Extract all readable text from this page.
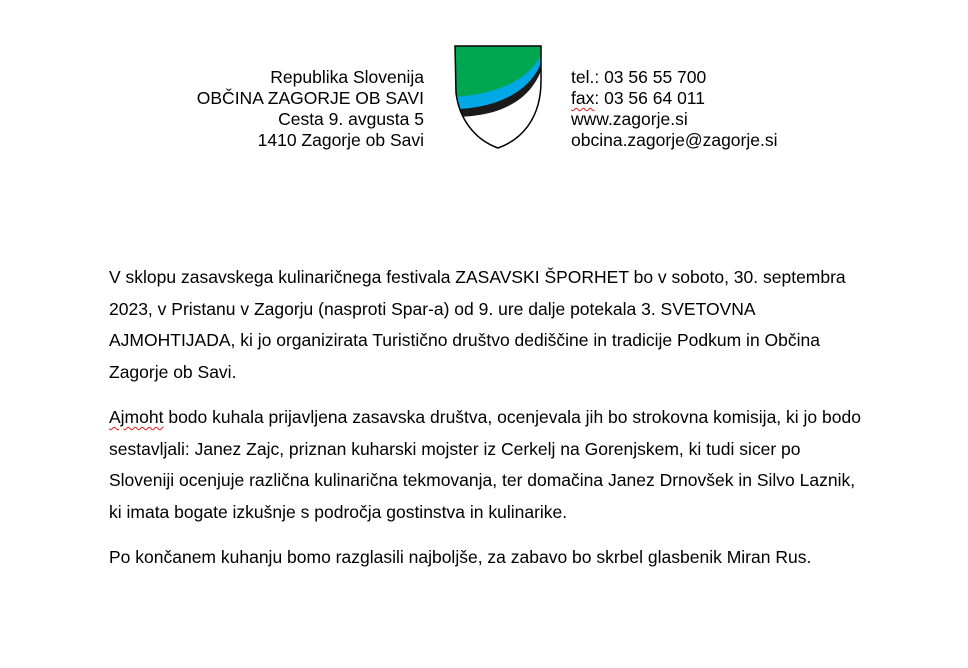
Republika Slovenija
OBČINA ZAGORJE OB SAVI
Cesta 9. avgusta 5
1410 Zagorje ob Savi
tel.: 03 56 55 700
fax: 03 56 64 011
www.zagorje.si
obcina.zagorje@zagorje.si

V sklopu zasavskega kulinaričnega festivala ZASAVSKI ŠPORHET bo v soboto, 30. septembra 2023, v Pristanu v Zagorju (nasproti Spar-a) od 9. ure dalje potekala 3. SVETOVNA AJMOHTIJADA, ki jo organizirata Turistično društvo dediščine in tradicije Podkum in Občina Zagorje ob Savi.

Ajmoht bodo kuhala prijavljena zasavska društva, ocenjevala jih bo strokovna komisija, ki jo bodo sestavljali: Janez Zajc, priznan kuharski mojster iz Cerkelj na Gorenjskem, ki tudi sicer po Sloveniji ocenjuje različna kulinarična tekmovanja, ter domačina Janez Drnovšek in Silvo Laznik, ki imata bogate izkušnje s področja gostinstva in kulinarike.

Po končanem kuhanju bomo razglasili najboljše, za zabavo bo skrbel glasbenik Miran Rus.
